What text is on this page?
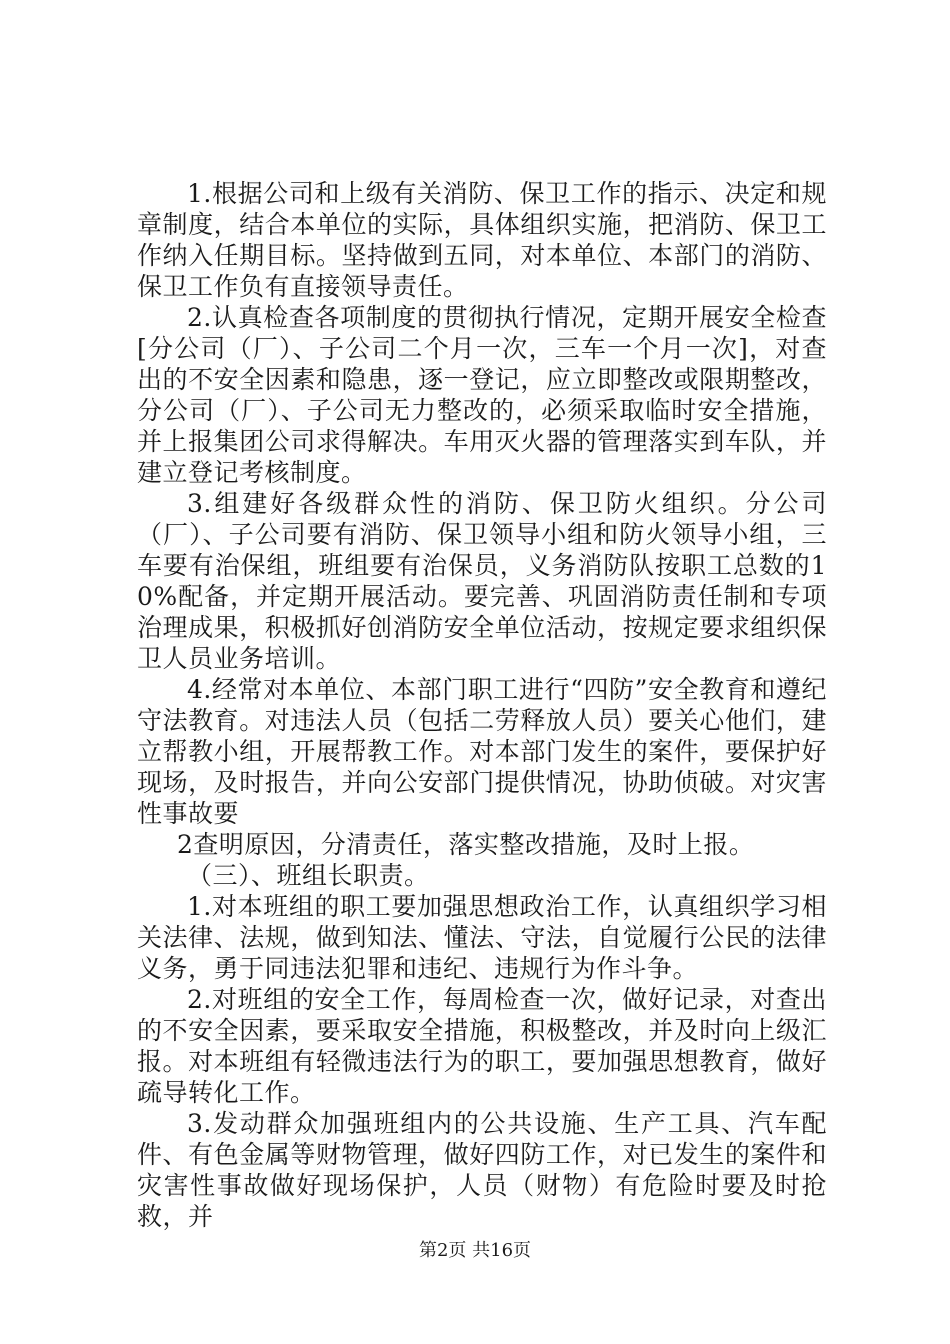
1.根据公司和上级有关消防、保卫工作的指示、决定和规章制度，结合本单位的实际，具体组织实施，把消防、保卫工作纳入任期目标。坚持做到五同，对本单位、本部门的消防、保卫工作负有直接领导责任。

2.认真检查各项制度的贯彻执行情况，定期开展安全检查[分公司（厂）、子公司二个月一次，三车一个月一次]，对查出的不安全因素和隐患，逐一登记，应立即整改或限期整改，分公司（厂）、子公司无力整改的，必须采取临时安全措施，并上报集团公司求得解决。车用灭火器的管理落实到车队，并建立登记考核制度。

3.组建好各级群众性的消防、保卫防火组织。分公司（厂）、子公司要有消防、保卫领导小组和防火领导小组，三车要有治保组，班组要有治保员，义务消防队按职工总数的10%配备，并定期开展活动。要完善、巩固消防责任制和专项治理成果，积极抓好创消防安全单位活动，按规定要求组织保卫人员业务培训。

4.经常对本单位、本部门职工进行“四防”安全教育和遵纪守法教育。对违法人员（包括二劳释放人员）要关心他们，建立帮教小组，开展帮教工作。对本部门发生的案件，要保护好现场，及时报告，并向公安部门提供情况，协助侦破。对灾害性事故要

2查明原因，分清责任，落实整改措施，及时上报。

（三）、班组长职责。

1.对本班组的职工要加强思想政治工作，认真组织学习相关法律、法规，做到知法、懂法、守法，自觉履行公民的法律义务，勇于同违法犯罪和违纪、违规行为作斗争。

2.对班组的安全工作，每周检查一次，做好记录，对查出的不安全因素，要采取安全措施，积极整改，并及时向上级汇报。对本班组有轻微违法行为的职工，要加强思想教育，做好疏导转化工作。

3.发动群众加强班组内的公共设施、生产工具、汽车配件、有色金属等财物管理，做好四防工作，对已发生的案件和灾害性事故做好现场保护，人员（财物）有危险时要及时抢救，并

第2页 共16页
